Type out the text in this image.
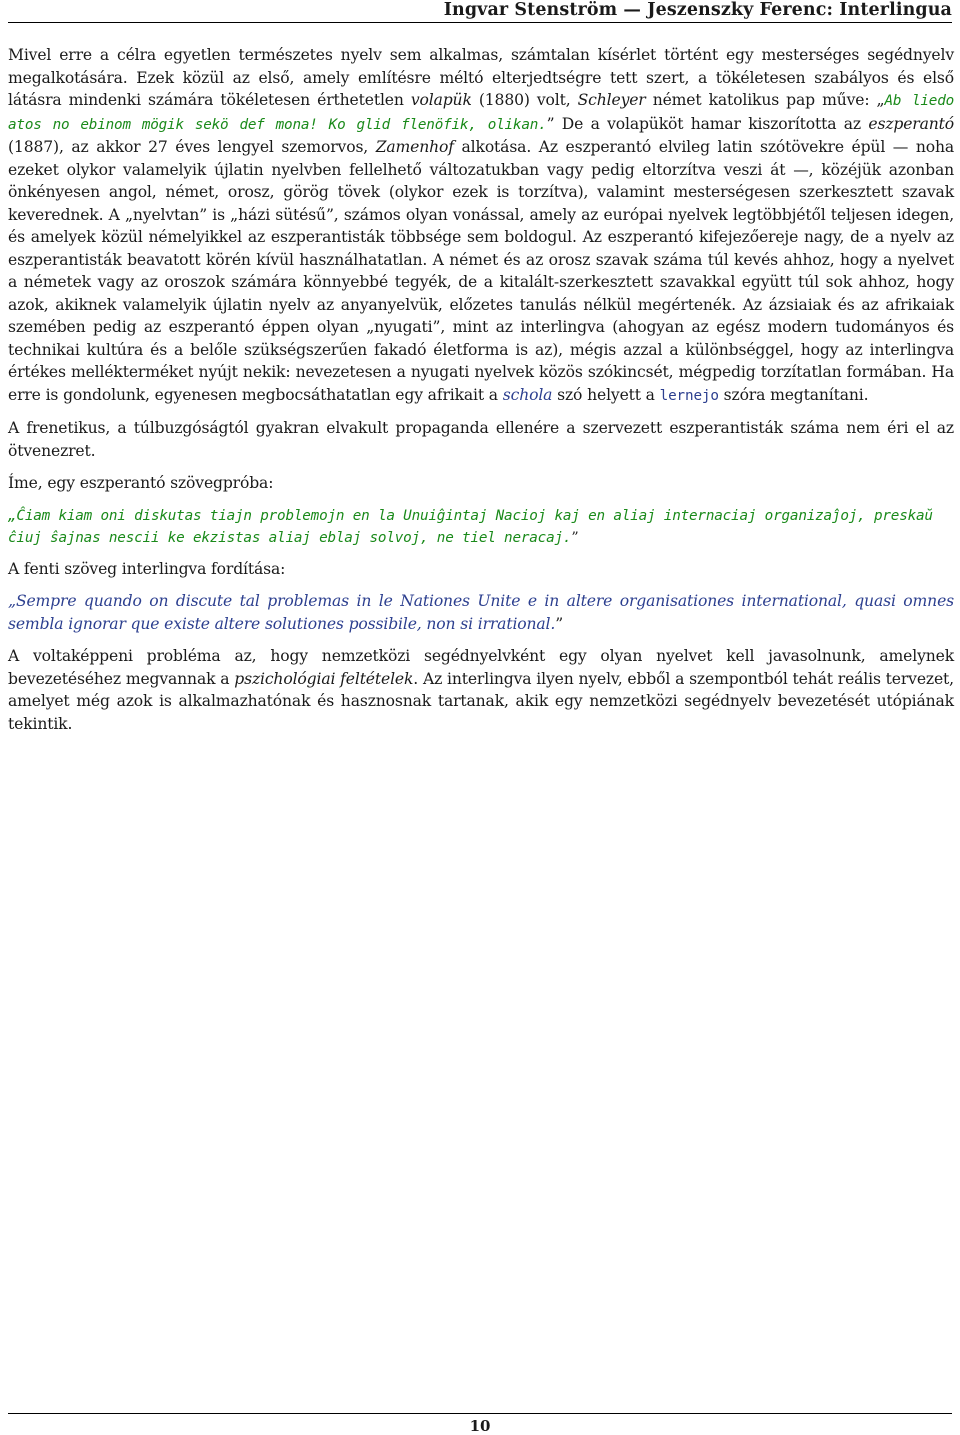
Ingvar Stenström — Jeszenszky Ferenc: Interlingua

Mivel erre a célra egyetlen természetes nyelv sem alkalmas, számtalan kísérlet történt egy mesterséges segédnyelv megalkotására. Ezek közül az első, amely említésre méltó elterjedtségre tett szert, a tökéletesen szabályos és első látásra mindenki számára tökéletesen érthetetlen volapük (1880) volt, Schleyer német katolikus pap műve: „Ab liedo atos no ebinom mögik sekö def mona! Ko glid flenöfik, olikan.” De a volapüköt hamar kiszorította az eszperantó (1887), az akkor 27 éves lengyel szemorvos, Zamenhof alkotása. Az eszperantó elvileg latin szótövekre épül — noha ezeket olykor valamelyik újlatin nyelvben fellelhető változatukban vagy pedig eltorzítva veszi át —, közéjük azonban önkényesen angol, német, orosz, görög tövek (olykor ezek is torzítva), valamint mesterségesen szerkesztett szavak keverednek. A „nyelvtan” is „házi sütésű”, számos olyan vonással, amely az európai nyelvek legtöbbjétől teljesen idegen, és amelyek közül némelyikkel az eszperantisták többsége sem boldogul. Az eszperantó kifejezőereje nagy, de a nyelv az eszperantisták beavatott körén kívül használhatatlan. A német és az orosz szavak száma túl kevés ahhoz, hogy a nyelvet a németek vagy az oroszok számára könnyebbé tegyék, de a kitalált-szerkesztett szavakkal együtt túl sok ahhoz, hogy azok, akiknek valamelyik újlatin nyelv az anyanyelvük, előzetes tanulás nélkül megértenék. Az ázsiaiak és az afrikaiak szemében pedig az eszperantó éppen olyan „nyugati”, mint az interlingva (ahogyan az egész modern tudományos és technikai kultúra és a belőle szükségszerűen fakadó életforma is az), mégis azzal a különbséggel, hogy az interlingva értékes mellékterméket nyújt nekik: nevezetesen a nyugati nyelvek közös szókincsét, mégpedig torzítatlan formában. Ha erre is gondolunk, egyenesen megbocsáthatatlan egy afrikait a schola szó helyett a lernejo szóra megtanítani.

A frenetikus, a túlbuzgóságtól gyakran elvakult propaganda ellenére a szervezett eszperantisták száma nem éri el az ötvenezret.

Íme, egy eszperantó szövegpróba:

„Ĉiam kiam oni diskutas tiajn problemojn en la Unuiĝintaj Nacioj kaj en aliaj internaciaj organizaĵoj, preskaŭ ĉiuj ŝajnas nescii ke ekzistas aliaj eblaj solvoj, ne tiel neracaj.”

A fenti szöveg interlingva fordítása:

„Sempre quando on discute tal problemas in le Nationes Unite e in altere organisationes international, quasi omnes sembla ignorar que existe altere solutiones possibile, non si irrational.”

A voltaképpeni probléma az, hogy nemzetközi segédnyelvként egy olyan nyelvet kell javasolnunk, amelynek bevezetéséhez megvannak a pszichológiai feltételek. Az interlingva ilyen nyelv, ebből a szempontból tehát reális tervezet, amelyet még azok is alkalmazhatónak és hasznosnak tartanak, akik egy nemzetközi segédnyelv bevezetését utópiának tekintik.

10
